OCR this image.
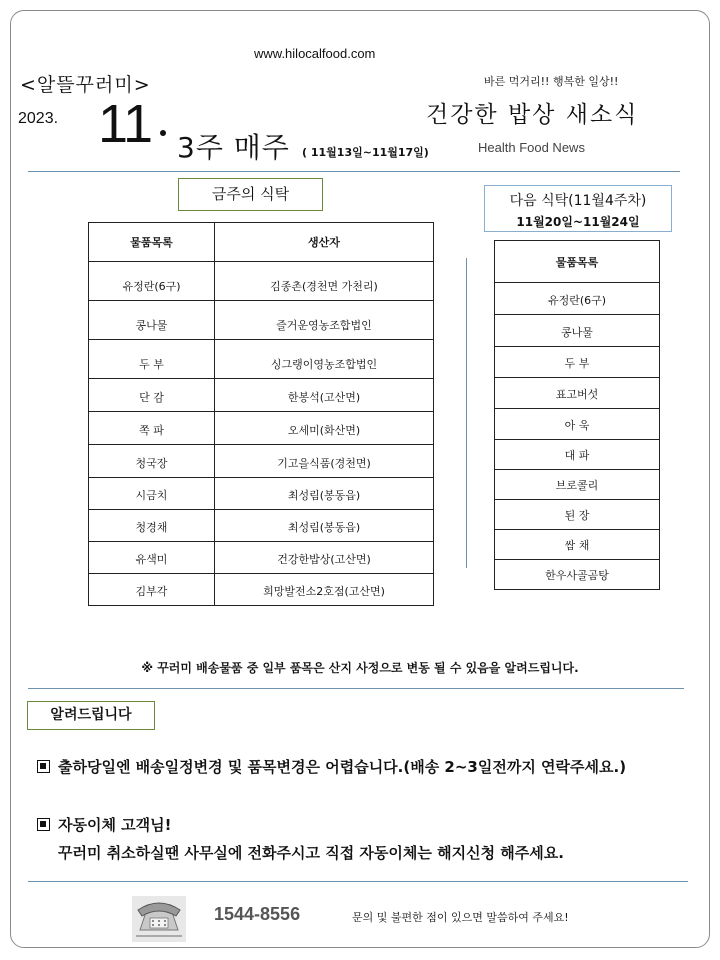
www.hilocalfood.com
<알뜰꾸러미>	바른 먹거리!! 행복한 일상!!
2023. 11 3주 매주 ( 11월13일~11월17일)
건강한 밥상 새소식
Health Food News
금주의 식탁
물품목록	생산자
유정란(6구)	김종촌(경천면 가천리)
콩나물	즐거운영농조합법인
두 부	싱그랭이영농조합법인
단 감	한봉석(고산면)
쪽 파	오세미(화산면)
청국장	기고을식품(경천면)
시금치	최성림(봉동읍)
청경채	최성림(봉동읍)
유색미	건강한밥상(고산면)
김부각	희망발전소2호점(고산면)
다음 식탁(11월4주차)
11월20일~11월24일
물품목록
유정란(6구)
콩나물
두 부
표고버섯
아 욱
대 파
브로콜리
된 장
쌈 채
한우사골곰탕
※ 꾸러미 배송물품 중 일부 품목은 산지 사정으로 변동 될 수 있음을 알려드립니다.
알려드립니다
출하당일엔 배송일정변경 및 품목변경은 어렵습니다.(배송 2~3일전까지 연락주세요.)
자동이체 고객님!
꾸러미 취소하실땐 사무실에 전화주시고 직접 자동이체는 해지신청 해주세요.
1544-8556	문의 및 불편한 점이 있으면 말씀하여 주세요!
